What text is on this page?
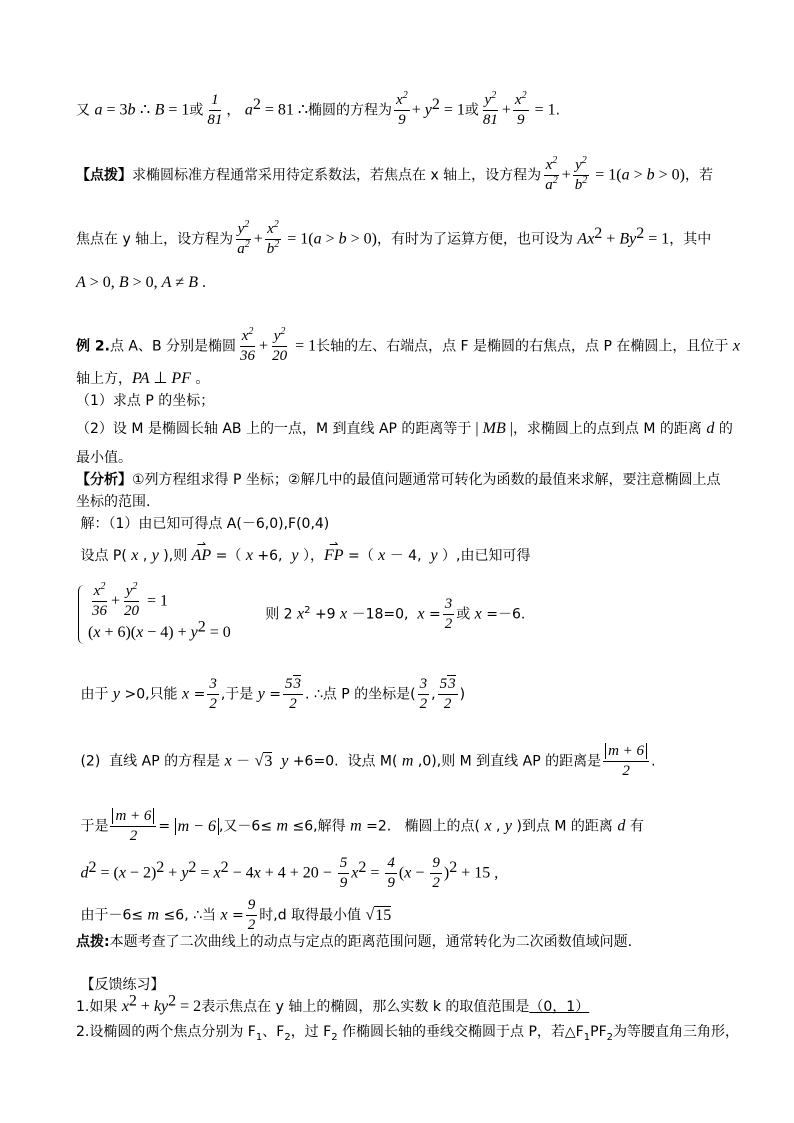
又 a = 3b ∴ B = 1或 $\frac{1}{81}$ ， $a^2 = 81$ ∴椭圆的方程为 $\frac{x^2}{9} + y^2 = 1$或 $\frac{y^2}{81} + \frac{x^2}{9} = 1$.
【点拨】求椭圆标准方程通常采用待定系数法，若焦点在 x 轴上，设方程为 $\frac{x^2}{a^2} + \frac{y^2}{b^2} = 1(a > b > 0)$，若
焦点在 y 轴上，设方程为 $\frac{y^2}{a^2} + \frac{x^2}{b^2} = 1(a > b > 0)$，有时为了运算方便，也可设为 $Ax^2 + By^2 = 1$，其中
A > 0, B > 0, A ≠ B .
例 2.点 A、B 分别是椭圆 $\frac{x^2}{36} + \frac{y^2}{20} = 1$长轴的左、右端点，点 F 是椭圆的右焦点，点 P 在椭圆上，且位于 x
轴上方，PA ⊥ PF 。
（1）求点 P 的坐标；
（2）设 M 是椭圆长轴 AB 上的一点，M 到直线 AP 的距离等于 | MB |，求椭圆上的点到点 M 的距离 d 的
最小值。
【分析】①列方程组求得 P 坐标；②解几中的最值问题通常可转化为函数的最值来求解，要注意椭圆上点
坐标的范围.
解：（1）由已知可得点 A(－6,0),F(0,4)
设点 P( x , y ),则 ⇀ AP =（ x +6,  y ），⇀ FP =（ x － 4,  y ）,由已知可得
$\frac{x^2}{36} + \frac{y^2}{20} = 1$
$(x + 6)(x - 4) + y^2 = 0$
则 2 $x^2 +9$ x －18=0,  $x = \frac{3}{2}$ 或 x =－6.
由于 y >0,只能 $x = \frac{3}{2}$ ,于是 $y = \frac{53}{2}$ . ∴点 P 的坐标是( $\frac{3}{2}$ , $\frac{53}{2}$ )
(2)  直线 AP 的方程是 x － √3 y +6=0.  设点 M( m ,0),则 M 到直线 AP 的距离是 $\frac{m + 6}{2}$ .
于是 $\frac{m + 6}{2} = m - 6$ ,又－6≤ m ≤6,解得 m =2.   椭圆上的点( x , y )到点 M 的距离 d 有
$d^2 = (x - 2)^2 + y^2 = x^2 - 4x + 4 + 20 - \frac{5}{9} x^2 = \frac{4}{9} (x - \frac{9}{2} )^2 + 15$ ,
由于－6≤ m ≤6, ∴当 $x = \frac{9}{2}$ 时,d 取得最小值 √15
点拨:本题考查了二次曲线上的动点与定点的距离范围问题，通常转化为二次函数值域问题.
【反馈练习】
1.如果 $x^2 + ky^2 = 2$表示焦点在 y 轴上的椭圆，那么实数 k 的取值范围是（0，1）
2.设椭圆的两个焦点分别为 $F_1$、$F_2$，过 $F_2$ 作椭圆长轴的垂线交椭圆于点 P，若$\triangle F_1PF_2$为等腰直角三角形，
